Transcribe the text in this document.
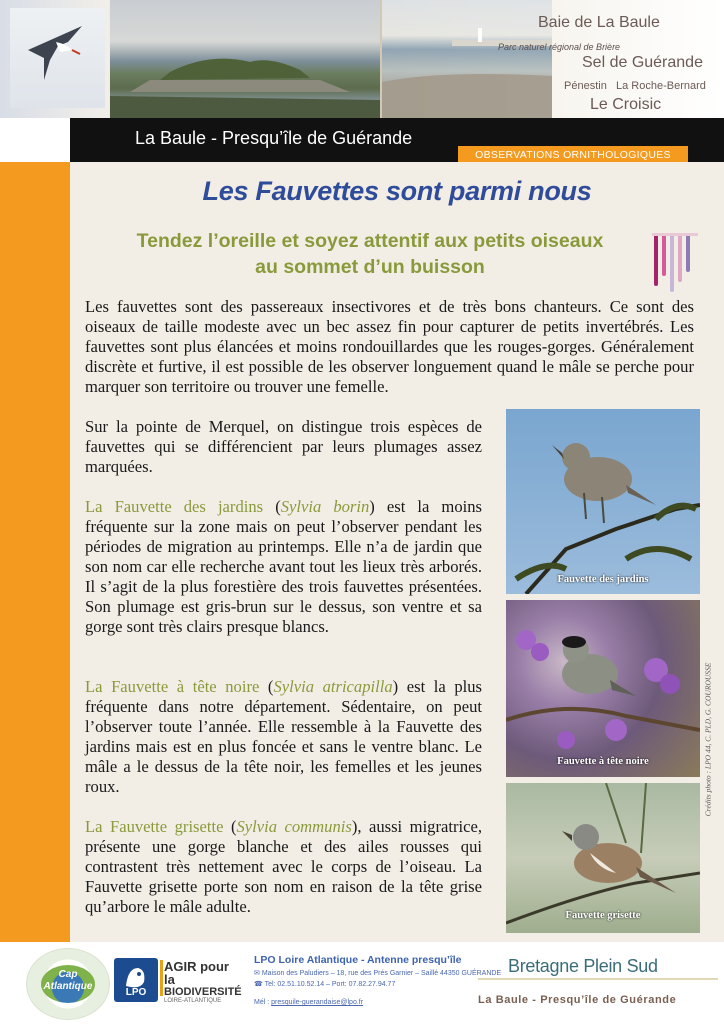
Baie de La Baule
Parc naturel régional de Brière
Sel de Guérande
Pénestin La Roche-Bernard
Le Croisic
La Baule - Presqu’île de Guérande
OBSERVATIONS ORNITHOLOGIQUES
Les Fauvettes sont parmi nous
Tendez l’oreille et soyez attentif aux petits oiseaux
au sommet d’un buisson

Les fauvettes sont des passereaux insectivores et de très bons chanteurs. Ce sont des oiseaux de taille modeste avec un bec assez fin pour capturer de petits invertébrés. Les fauvettes sont plus élancées et moins rondouillardes que les rouges-gorges. Généralement discrète et furtive, il est possible de les observer longuement quand le mâle se perche pour marquer son territoire ou trouver une femelle.

Sur la pointe de Merquel, on distingue trois espèces de fauvettes qui se différencient par leurs plumages assez marquées.

La Fauvette des jardins (Sylvia borin) est la moins fréquente sur la zone mais on peut l’observer pendant les périodes de migration au printemps. Elle n’a de jardin que son nom car elle recherche avant tout les lieux très arborés. Il s’agit de la plus forestière des trois fauvettes présentées. Son plumage est gris-brun sur le dessus, son ventre et sa gorge sont très clairs presque blancs.

La Fauvette à tête noire (Sylvia atricapilla) est la plus fréquente dans notre département. Sédentaire, on peut l’observer toute l’année. Elle ressemble à la Fauvette des jardins mais est en plus foncée et sans le ventre blanc. Le mâle a le dessus de la tête noir, les femelles et les jeunes roux.

La Fauvette grisette (Sylvia communis), aussi migratrice, présente une gorge blanche et des ailes rousses qui contrastent très nettement avec le corps de l’oiseau. La Fauvette grisette porte son nom en raison de la tête grise qu’arbore le mâle adulte.

Fauvette des jardins
Fauvette à tête noire
Fauvette grisette
Crédits photo : LPO 44, C. PLD, G. COUROUSSE
Cap Atlantique
LPO
AGIR pour la
BIODIVERSITÉ
LOIRE-ATLANTIQUE
LPO Loire Atlantique - Antenne presqu’île
✉ Maison des Paludiers – 18, rue des Prés Garnier – Saillé 44350 GUÉRANDE
☎ Tel: 02.51.10.52.14 – Port: 07.82.27.94.77
Mél : presquile-guerandaise@lpo.fr
Bretagne Plein Sud
La Baule - Presqu’île de Guérande
